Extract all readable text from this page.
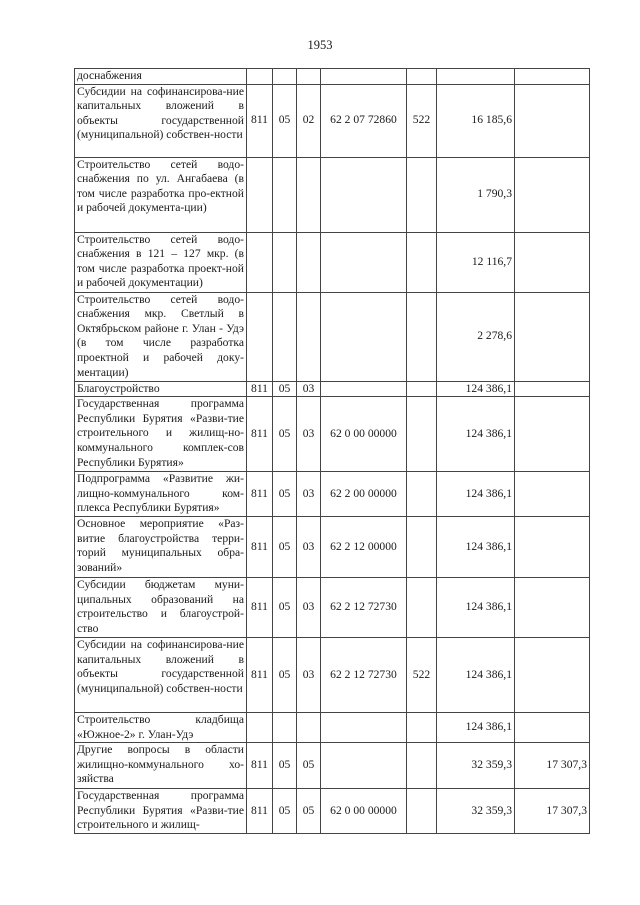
1953
доснабжения							
Субсидии на софинансирова-ние капитальных вложений в объекты государственной (муниципальной) собствен-ности	811	05	02	62 2 07 72860	522	16 185,6	
Строительство сетей водо-снабжения по ул. Ангабаева (в том числе разработка про-ектной и рабочей документа-ции)						1 790,3	
Строительство сетей водо-снабжения в 121 – 127 мкр. (в том числе разработка проект-ной и рабочей документации)						12 116,7	
Строительство сетей водо-снабжения мкр. Светлый в Октябрьском районе г. Улан - Удэ (в том числе разработка проектной и рабочей доку-ментации)						2 278,6	
Благоустройство	811	05	03			124 386,1	
Государственная программа Республики Бурятия «Разви-тие строительного и жилищ-но-коммунального комплек-сов Республики Бурятия»	811	05	03	62 0 00 00000		124 386,1	
Подпрограмма «Развитие жи-лищно-коммунального ком-плекса Республики Бурятия»	811	05	03	62 2 00 00000		124 386,1	
Основное мероприятие «Раз-витие благоустройства терри-торий муниципальных обра-зований»	811	05	03	62 2 12 00000		124 386,1	
Субсидии бюджетам муни-ципальных образований на строительство и благоустрой-ство	811	05	03	62 2 12 72730		124 386,1	
Субсидии на софинансирова-ние капитальных вложений в объекты государственной (муниципальной) собствен-ности	811	05	03	62 2 12 72730	522	124 386,1	
Строительство кладбища «Южное-2» г. Улан-Удэ						124 386,1	
Другие вопросы в области жилищно-коммунального хо-зяйства	811	05	05			32 359,3	17 307,3
Государственная программа Республики Бурятия «Разви-тие строительного и жилищ-	811	05	05	62 0 00 00000		32 359,3	17 307,3
